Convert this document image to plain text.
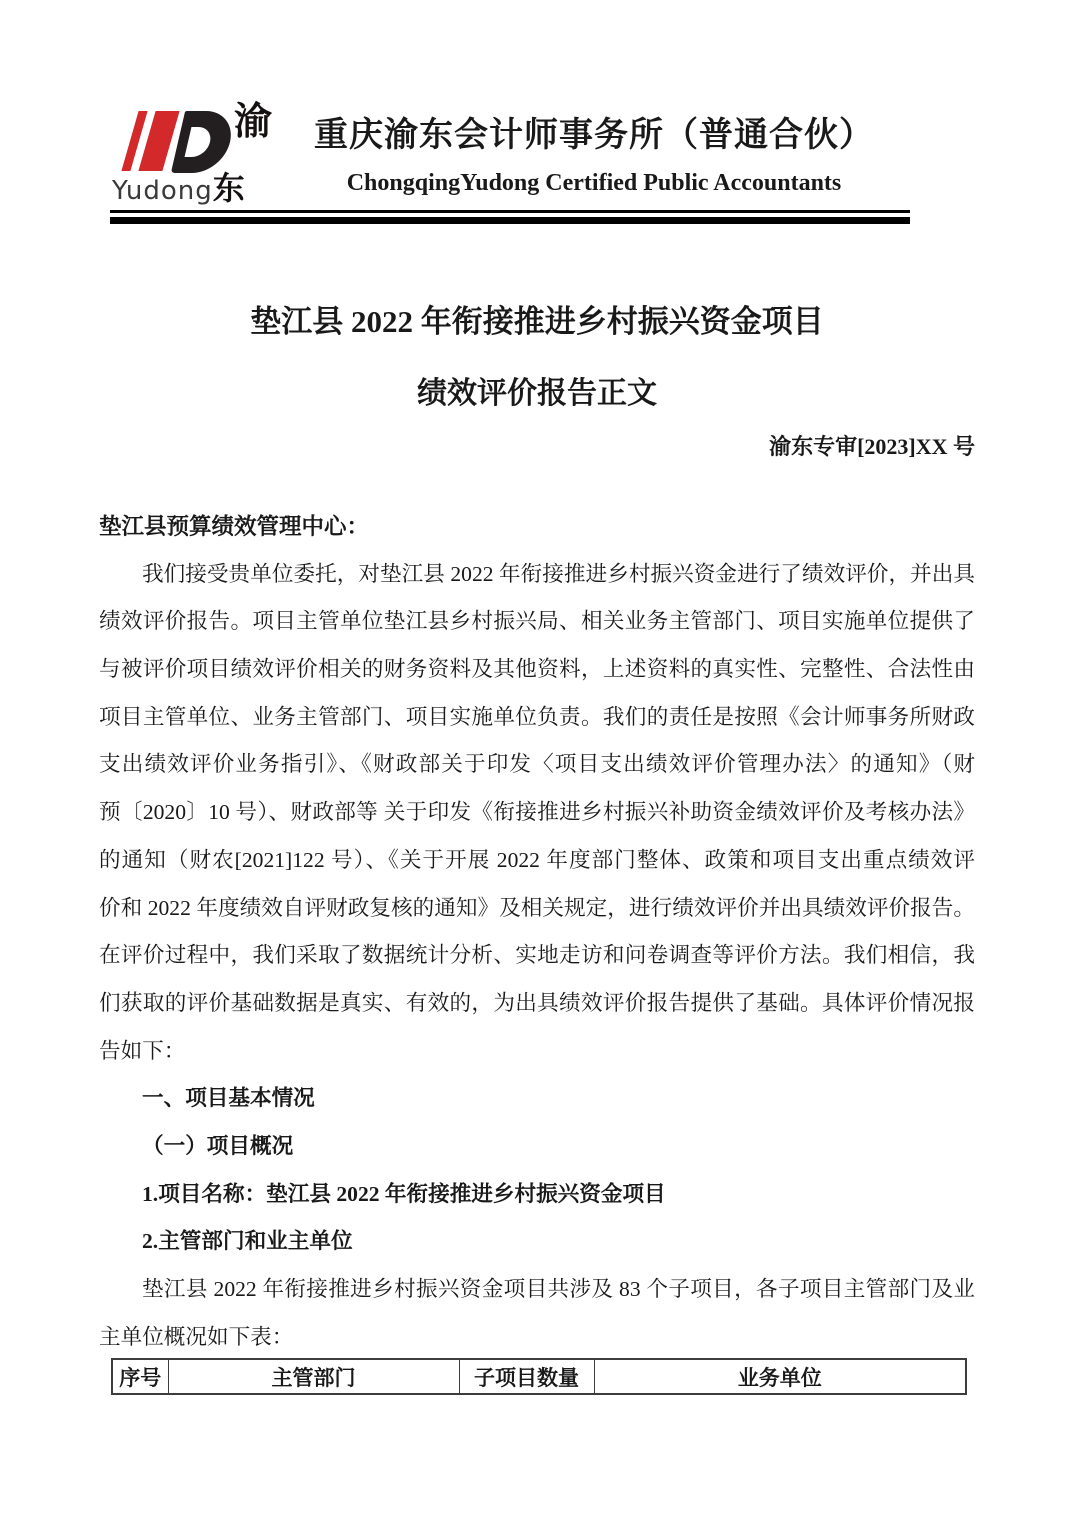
渝
Yudong东
重庆渝东会计师事务所（普通合伙）
ChongqingYudong Certified Public Accountants
垫江县 2022 年衔接推进乡村振兴资金项目
绩效评价报告正文
渝东专审[2023]XX 号
垫江县预算绩效管理中心：
我们接受贵单位委托，对垫江县 2022 年衔接推进乡村振兴资金进行了绩效评价，并出具
绩效评价报告。项目主管单位垫江县乡村振兴局、相关业务主管部门、项目实施单位提供了
与被评价项目绩效评价相关的财务资料及其他资料，上述资料的真实性、完整性、合法性由
项目主管单位、业务主管部门、项目实施单位负责。我们的责任是按照《会计师事务所财政
支出绩效评价业务指引》、《财政部关于印发〈项目支出绩效评价管理办法〉的通知》（财
预〔2020〕10 号）、财政部等 关于印发《衔接推进乡村振兴补助资金绩效评价及考核办法》
的通知（财农[2021]122 号）、《关于开展 2022 年度部门整体、政策和项目支出重点绩效评
价和 2022 年度绩效自评财政复核的通知》及相关规定，进行绩效评价并出具绩效评价报告。
在评价过程中，我们采取了数据统计分析、实地走访和问卷调查等评价方法。我们相信，我
们获取的评价基础数据是真实、有效的，为出具绩效评价报告提供了基础。具体评价情况报
告如下：
一、项目基本情况
（一）项目概况
1.项目名称：垫江县 2022 年衔接推进乡村振兴资金项目
2.主管部门和业主单位
垫江县 2022 年衔接推进乡村振兴资金项目共涉及 83 个子项目，各子项目主管部门及业
主单位概况如下表：
序号	主管部门	子项目数量	业务单位
